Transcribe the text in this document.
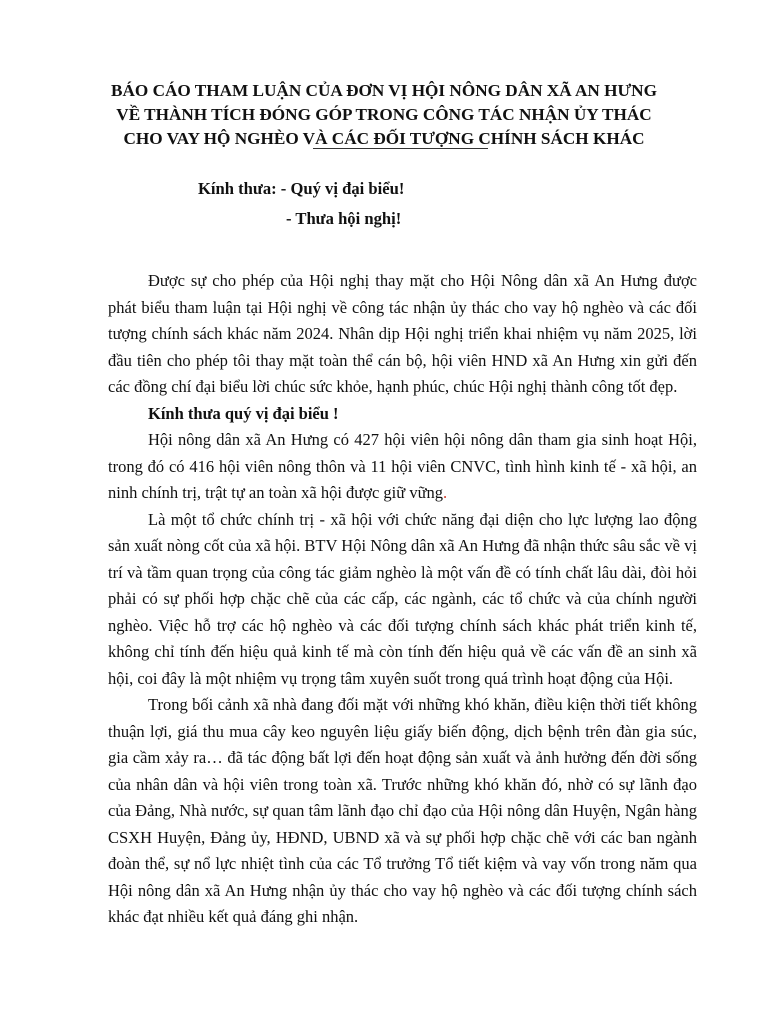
BÁO CÁO THAM LUẬN CỦA ĐƠN VỊ HỘI NÔNG DÂN XÃ AN HƯNG
VỀ THÀNH TÍCH ĐÓNG GÓP TRONG CÔNG TÁC NHẬN ỦY THÁC
CHO VAY HỘ NGHÈO VÀ CÁC ĐỐI TƯỢNG CHÍNH SÁCH KHÁC

Kính thưa: - Quý vị đại biểu!

- Thưa hội nghị!

Được sự cho phép của Hội nghị thay mặt cho Hội Nông dân xã An Hưng được phát biểu tham luận tại Hội nghị về công tác nhận ủy thác cho vay hộ nghèo và các đối tượng chính sách khác năm 2024. Nhân dịp Hội nghị triển khai nhiệm vụ năm 2025, lời đầu tiên cho phép tôi thay mặt toàn thể cán bộ, hội viên HND xã An Hưng xin gửi đến các đồng chí đại biểu lời chúc sức khỏe, hạnh phúc, chúc Hội nghị thành công tốt đẹp.

Kính thưa quý vị đại biểu !

Hội nông dân xã An Hưng có 427 hội viên hội nông dân tham gia sinh hoạt Hội, trong đó có 416 hội viên nông thôn và 11 hội viên CNVC, tình hình kinh tế - xã hội, an ninh chính trị, trật tự an toàn xã hội được giữ vững.

Là một tổ chức chính trị - xã hội với chức năng đại diện cho lực lượng lao động sản xuất nòng cốt của xã hội. BTV Hội Nông dân xã An Hưng đã nhận thức sâu sắc về vị trí và tầm quan trọng của công tác giảm nghèo là một vấn đề có tính chất lâu dài, đòi hỏi phải có sự phối hợp chặc chẽ của các cấp, các ngành, các tổ chức và của chính người nghèo. Việc hỗ trợ các hộ nghèo và các đối tượng chính sách khác phát triển kinh tế, không chỉ tính đến hiệu quả kinh tế mà còn tính đến hiệu quả về các vấn đề an sinh xã hội, coi đây là một nhiệm vụ trọng tâm xuyên suốt trong quá trình hoạt động của Hội.

Trong bối cảnh xã nhà đang đối mặt với những khó khăn, điều kiện thời tiết không thuận lợi, giá thu mua cây keo nguyên liệu giấy biến động, dịch bệnh trên đàn gia súc, gia cầm xảy ra… đã tác động bất lợi đến hoạt động sản xuất và ảnh hưởng đến đời sống của nhân dân và hội viên trong toàn xã. Trước những khó khăn đó, nhờ có sự lãnh đạo của Đảng, Nhà nước, sự quan tâm lãnh đạo chỉ đạo của Hội nông dân Huyện, Ngân hàng CSXH Huyện, Đảng ủy, HĐND, UBND xã và sự phối hợp chặc chẽ với các ban ngành đoàn thể, sự nổ lực nhiệt tình của các Tổ trưởng Tổ tiết kiệm và vay vốn trong năm qua Hội nông dân xã An Hưng nhận ủy thác cho vay hộ nghèo và các đối tượng chính sách khác đạt nhiều kết quả đáng ghi nhận.
